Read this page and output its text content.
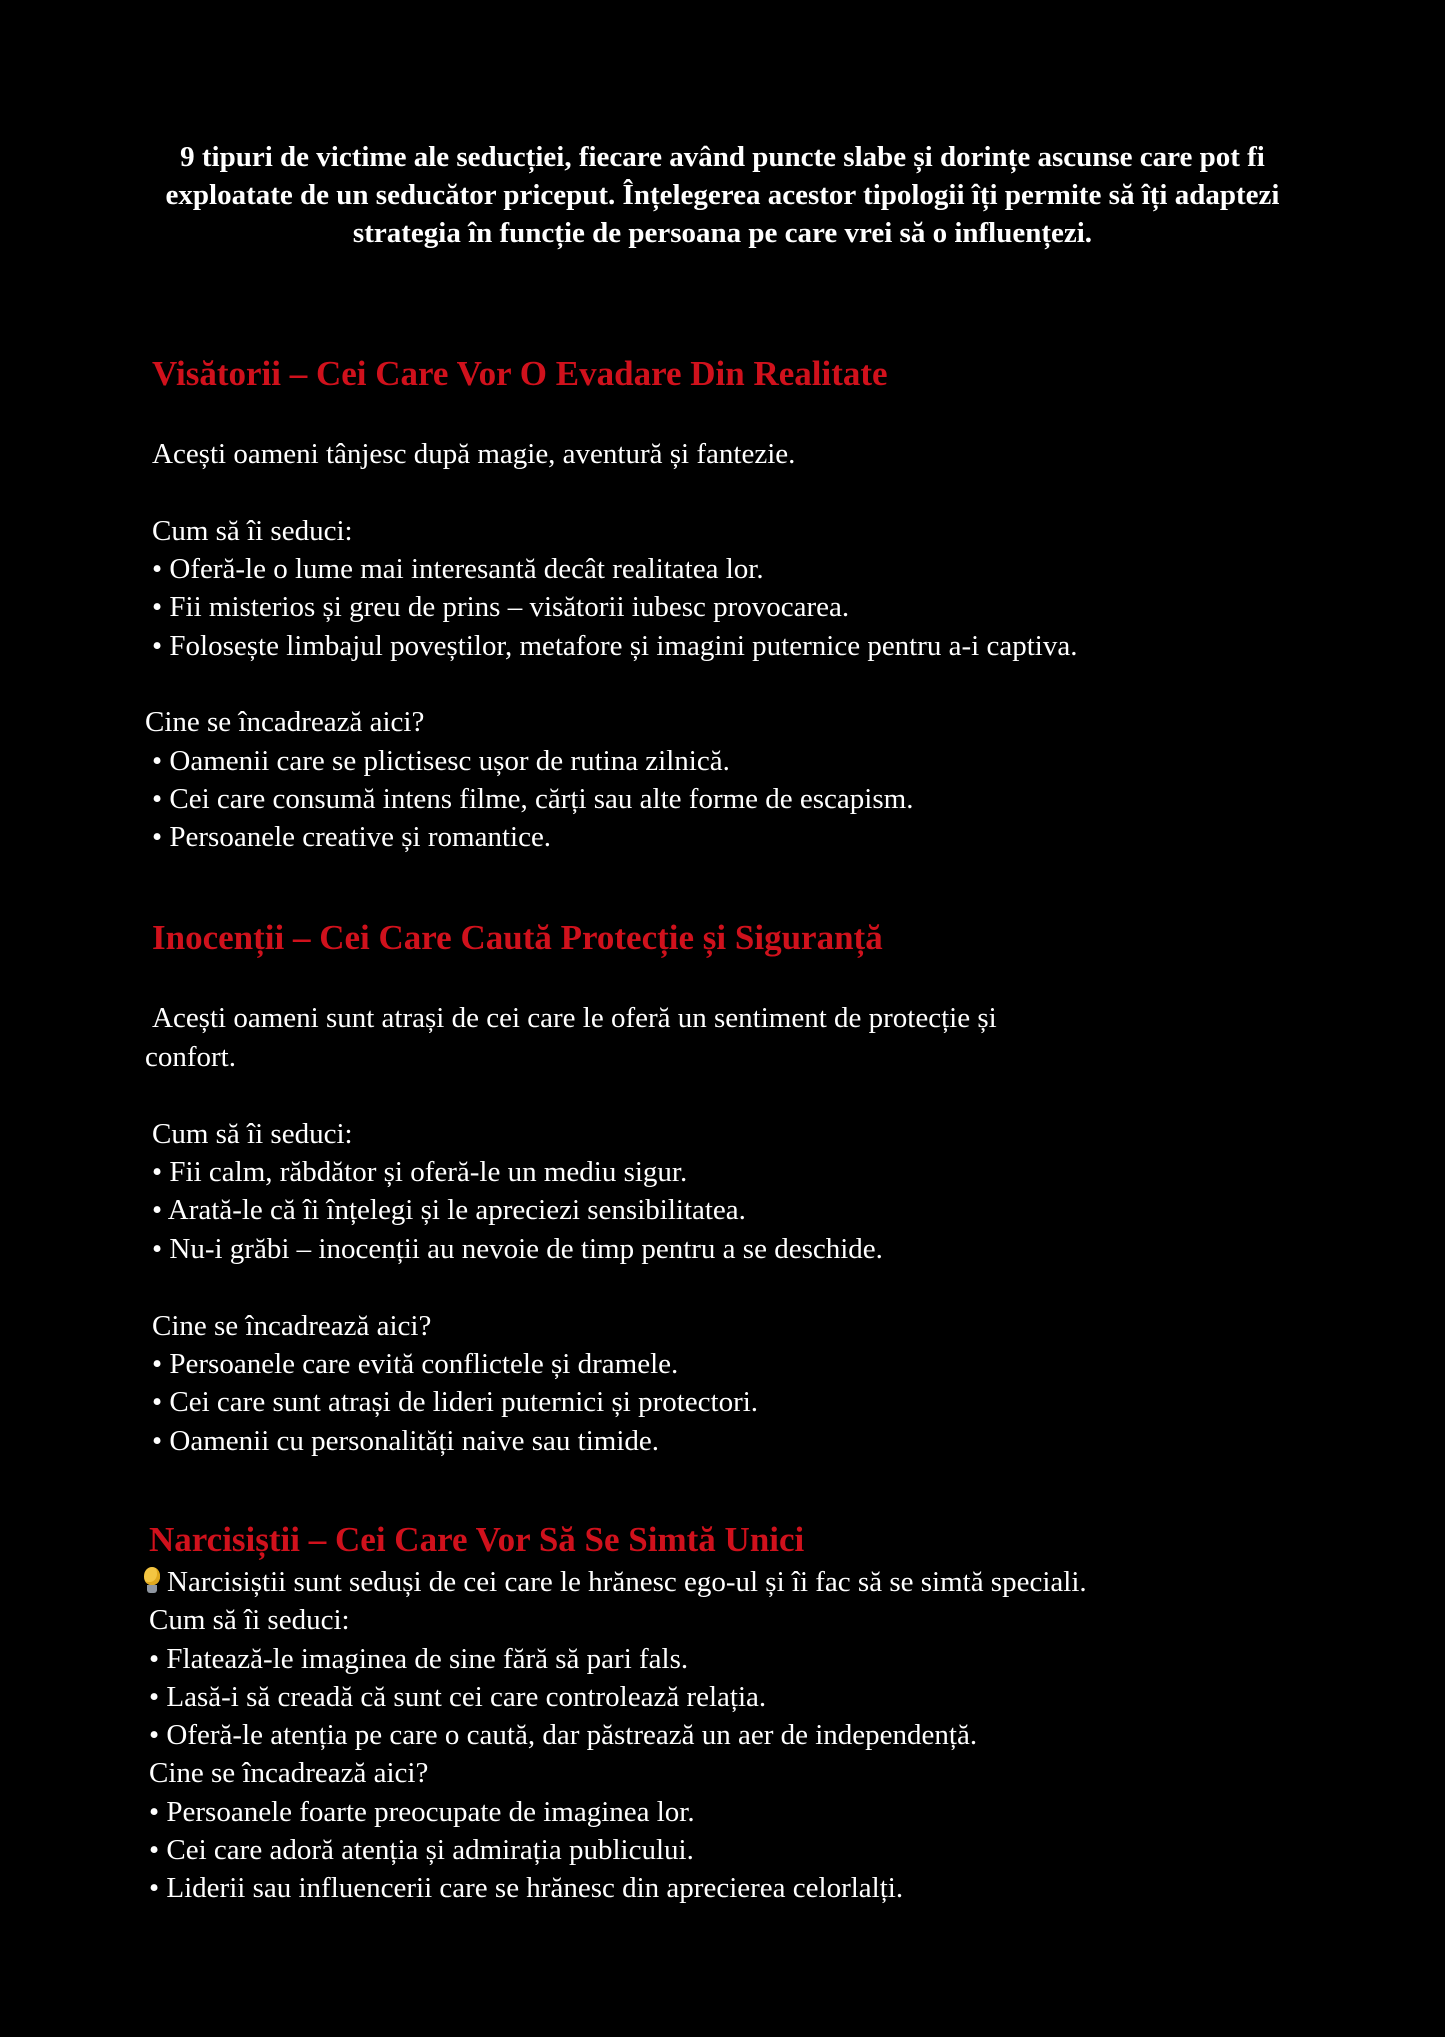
9 tipuri de victime ale seducției, fiecare având puncte slabe și dorințe ascunse care pot fi exploatate de un seducător priceput. Înțelegerea acestor tipologii îți permite să îți adaptezi strategia în funcție de persoana pe care vrei să o influențezi.
Visătorii – Cei Care Vor O Evadare Din Realitate
Acești oameni tânjesc după magie, aventură și fantezie.
Cum să îi seduci:
• Oferă-le o lume mai interesantă decât realitatea lor.
• Fii misterios și greu de prins – visătorii iubesc provocarea.
• Folosește limbajul poveștilor, metafore și imagini puternice pentru a-i captiva.
Cine se încadrează aici?
• Oamenii care se plictisesc ușor de rutina zilnică.
• Cei care consumă intens filme, cărți sau alte forme de escapism.
• Persoanele creative și romantice.
Inocenții – Cei Care Caută Protecție și Siguranță
Acești oameni sunt atrași de cei care le oferă un sentiment de protecție și
confort.
Cum să îi seduci:
• Fii calm, răbdător și oferă-le un mediu sigur.
• Arată-le că îi înțelegi și le apreciezi sensibilitatea.
• Nu-i grăbi – inocenții au nevoie de timp pentru a se deschide.
Cine se încadrează aici?
• Persoanele care evită conflictele și dramele.
• Cei care sunt atrași de lideri puternici și protectori.
• Oamenii cu personalități naive sau timide.
Narcisiștii – Cei Care Vor Să Se Simtă Unici
Narcisiștii sunt seduși de cei care le hrănesc ego-ul și îi fac să se simtă speciali.
Cum să îi seduci:
• Flatează-le imaginea de sine fără să pari fals.
• Lasă-i să creadă că sunt cei care controlează relația.
• Oferă-le atenția pe care o caută, dar păstrează un aer de independență.
Cine se încadrează aici?
• Persoanele foarte preocupate de imaginea lor.
• Cei care adoră atenția și admirația publicului.
• Liderii sau influencerii care se hrănesc din aprecierea celorlalți.
